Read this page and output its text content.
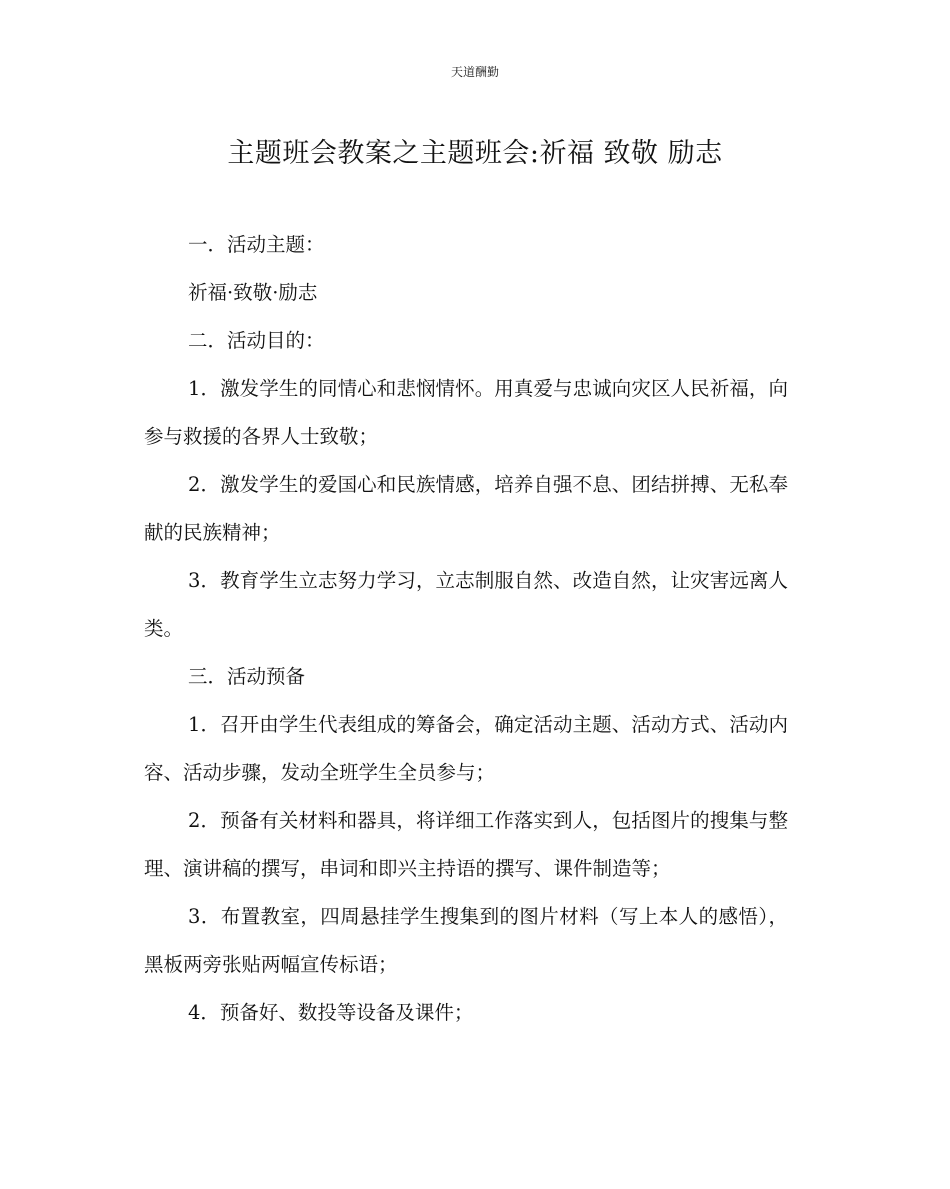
天道酬勤
主题班会教案之主题班会:祈福 致敬 励志

一．活动主题：

祈福·致敬·励志

二．活动目的：

1．激发学生的同情心和悲悯情怀。用真爱与忠诚向灾区人民祈福，向参与救援的各界人士致敬；

2．激发学生的爱国心和民族情感，培养自强不息、团结拼搏、无私奉献的民族精神；

3．教育学生立志努力学习，立志制服自然、改造自然，让灾害远离人类。

三．活动预备

1．召开由学生代表组成的筹备会，确定活动主题、活动方式、活动内容、活动步骤，发动全班学生全员参与；

2．预备有关材料和器具，将详细工作落实到人，包括图片的搜集与整理、演讲稿的撰写，串词和即兴主持语的撰写、课件制造等；

3．布置教室，四周悬挂学生搜集到的图片材料（写上本人的感悟），黑板两旁张贴两幅宣传标语；

4．预备好、数投等设备及课件；
